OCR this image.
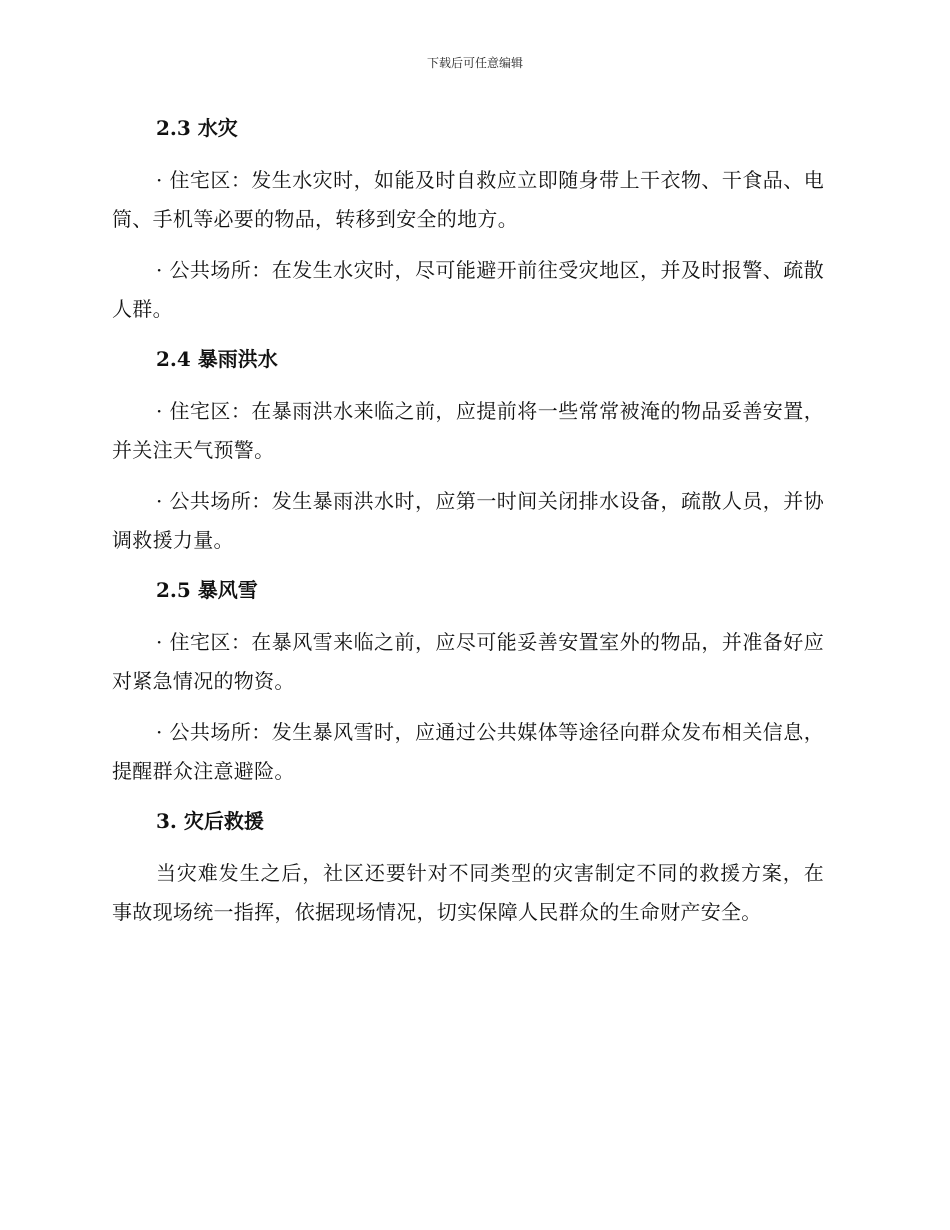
下载后可任意编辑
2.3 水灾

· 住宅区：发生水灾时，如能及时自救应立即随身带上干衣物、干食品、电筒、手机等必要的物品，转移到安全的地方。

· 公共场所：在发生水灾时，尽可能避开前往受灾地区，并及时报警、疏散人群。

2.4 暴雨洪水

· 住宅区：在暴雨洪水来临之前，应提前将一些常常被淹的物品妥善安置，并关注天气预警。

· 公共场所：发生暴雨洪水时，应第一时间关闭排水设备，疏散人员，并协调救援力量。

2.5 暴风雪

· 住宅区：在暴风雪来临之前，应尽可能妥善安置室外的物品，并准备好应对紧急情况的物资。

· 公共场所：发生暴风雪时，应通过公共媒体等途径向群众发布相关信息，提醒群众注意避险。

3. 灾后救援

当灾难发生之后，社区还要针对不同类型的灾害制定不同的救援方案，在事故现场统一指挥，依据现场情况，切实保障人民群众的生命财产安全。
